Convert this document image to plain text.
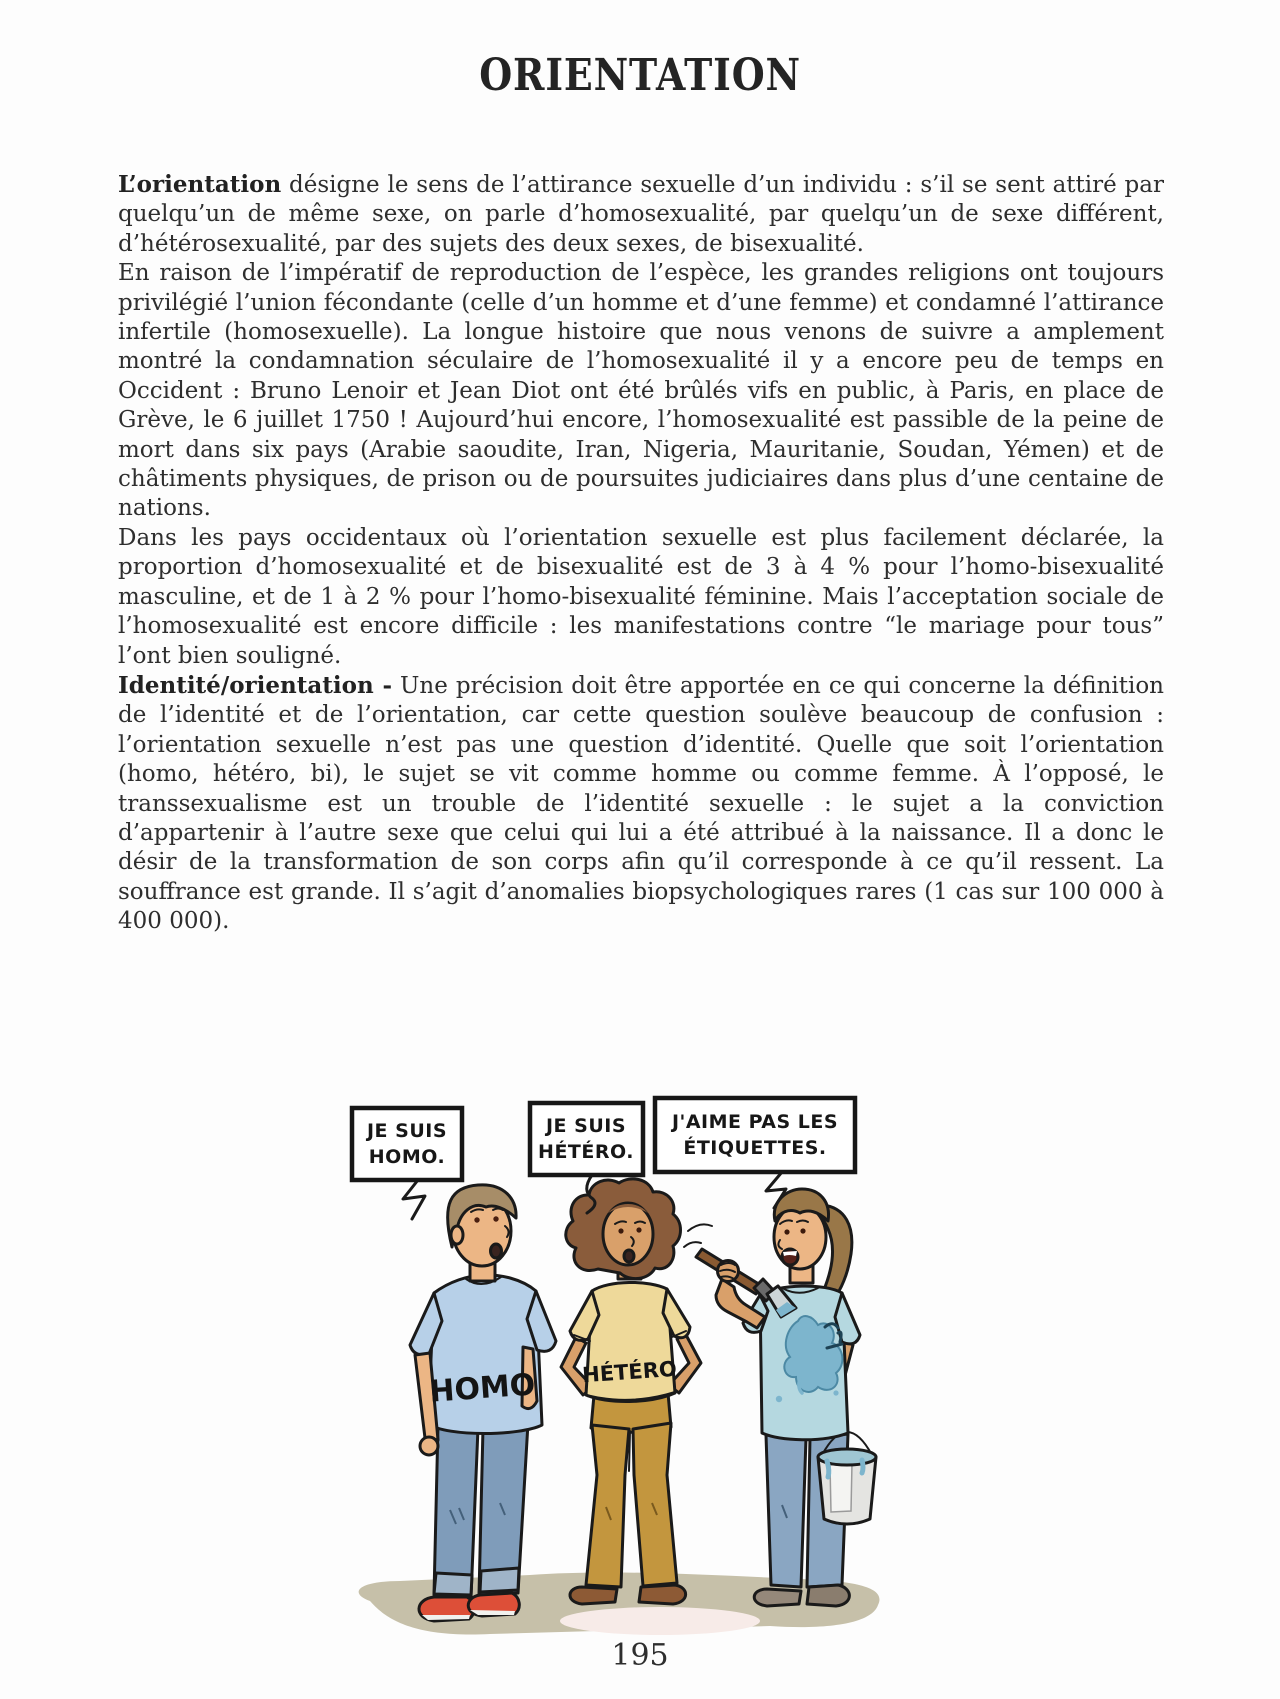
ORIENTATION

L’orientation désigne le sens de l’attirance sexuelle d’un individu : s’il se sent attiré par quelqu’un de même sexe, on parle d’homosexualité, par quelqu’un de sexe différent, d’hétérosexualité, par des sujets des deux sexes, de bisexualité.

En raison de l’impératif de reproduction de l’espèce, les grandes religions ont toujours privilégié l’union fécondante (celle d’un homme et d’une femme) et condamné l’attirance infertile (homosexuelle). La longue histoire que nous venons de suivre a amplement montré la condamnation séculaire de l’homosexualité il y a encore peu de temps en Occident : Bruno Lenoir et Jean Diot ont été brûlés vifs en public, à Paris, en place de Grève, le 6 juillet 1750 ! Aujourd’hui encore, l’homosexualité est passible de la peine de mort dans six pays (Arabie saoudite, Iran, Nigeria, Mauritanie, Soudan, Yémen) et de châtiments physiques, de prison ou de poursuites judiciaires dans plus d’une centaine de nations.

Dans les pays occidentaux où l’orientation sexuelle est plus facilement déclarée, la proportion d’homosexualité et de bisexualité est de 3 à 4 % pour l’homo-bisexualité masculine, et de 1 à 2 % pour l’homo-bisexualité féminine. Mais l’acceptation sociale de l’homosexualité est encore difficile : les manifestations contre “le mariage pour tous” l’ont bien souligné.

Identité/orientation - Une précision doit être apportée en ce qui concerne la définition de l’identité et de l’orientation, car cette question soulève beaucoup de confusion : l’orientation sexuelle n’est pas une question d’identité. Quelle que soit l’orientation (homo, hétéro, bi), le sujet se vit comme homme ou comme femme. À l’opposé, le transsexualisme est un trouble de l’identité sexuelle : le sujet a la conviction d’appartenir à l’autre sexe que celui qui lui a été attribué à la naissance. Il a donc le désir de la transformation de son corps afin qu’il corresponde à ce qu’il ressent. La souffrance est grande. Il s’agit d’anomalies biopsychologiques rares (1 cas sur 100 000 à 400 000).

HOMO HÉTÉRO
JE SUIS
HOMO.
JE SUIS
HÉTÉRO.
J'AIME PAS LES
ÉTIQUETTES.
195
